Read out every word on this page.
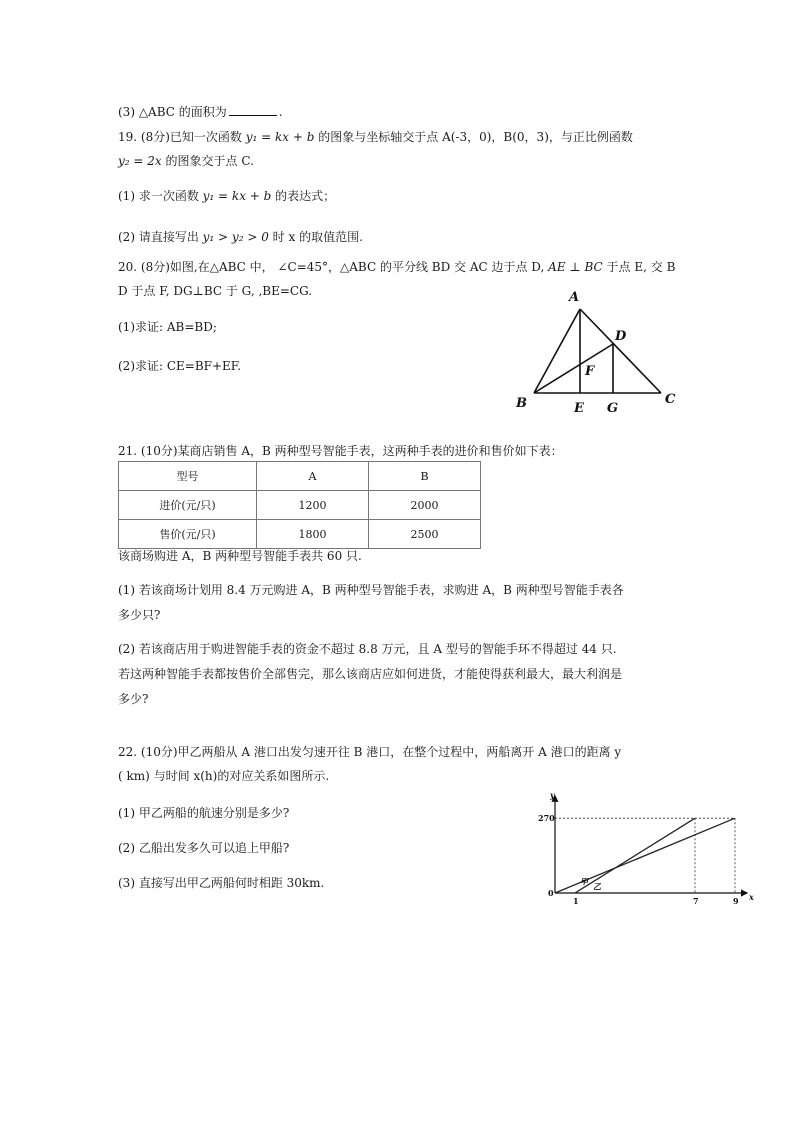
(3) △ABC 的面积为	.
19. (8分)已知一次函数 y₁ = kx + b 的图象与坐标轴交于点 A(-3，0)，B(0，3)，与正比例函数
y₂ = 2x 的图象交于点 C.
(1) 求一次函数 y₁ = kx + b 的表达式；
(2) 请直接写出 y₁ > y₂ > 0 时 x 的取值范围.
20. (8分)如图,在△ABC 中， ∠C=45°，△ABC 的平分线 BD 交 AC 边于点 D, AE ⊥ BC 于点 E, 交 B
D 于点 F, DG⊥BC 于 G, ,BE=CG.
(1)求证: AB=BD;
(2)求证: CE=BF+EF.
A
D
F
B	E G
C
21. (10分)某商店销售 A，B 两种型号智能手表，这两种手表的进价和售价如下表：
型号	A	B
进价(元/只)	1200	2000
售价(元/只)	1800	2500
该商场购进 A，B 两种型号智能手表共 60 只.
(1) 若该商场计划用 8.4 万元购进 A，B 两种型号智能手表，求购进 A，B 两种型号智能手表各
多少只?
(2) 若该商店用于购进智能手表的资金不超过 8.8 万元，且 A 型号的智能手环不得超过 44 只.
若这两种智能手表都按售价全部售完，那么该商店应如何进货，才能使得获利最大，最大利润是
多少?
22. (10分)甲乙两船从 A 港口出发匀速开往 B 港口，在整个过程中，两船离开 A 港口的距离 y
( km) 与时间 x(h)的对应关系如图所示.
(1) 甲乙两船的航速分别是多少?
(2) 乙船出发多久可以追上甲船?
(3) 直接写出甲乙两船何时相距 30km.
y
x
0
1	7	9
270
甲 乙
